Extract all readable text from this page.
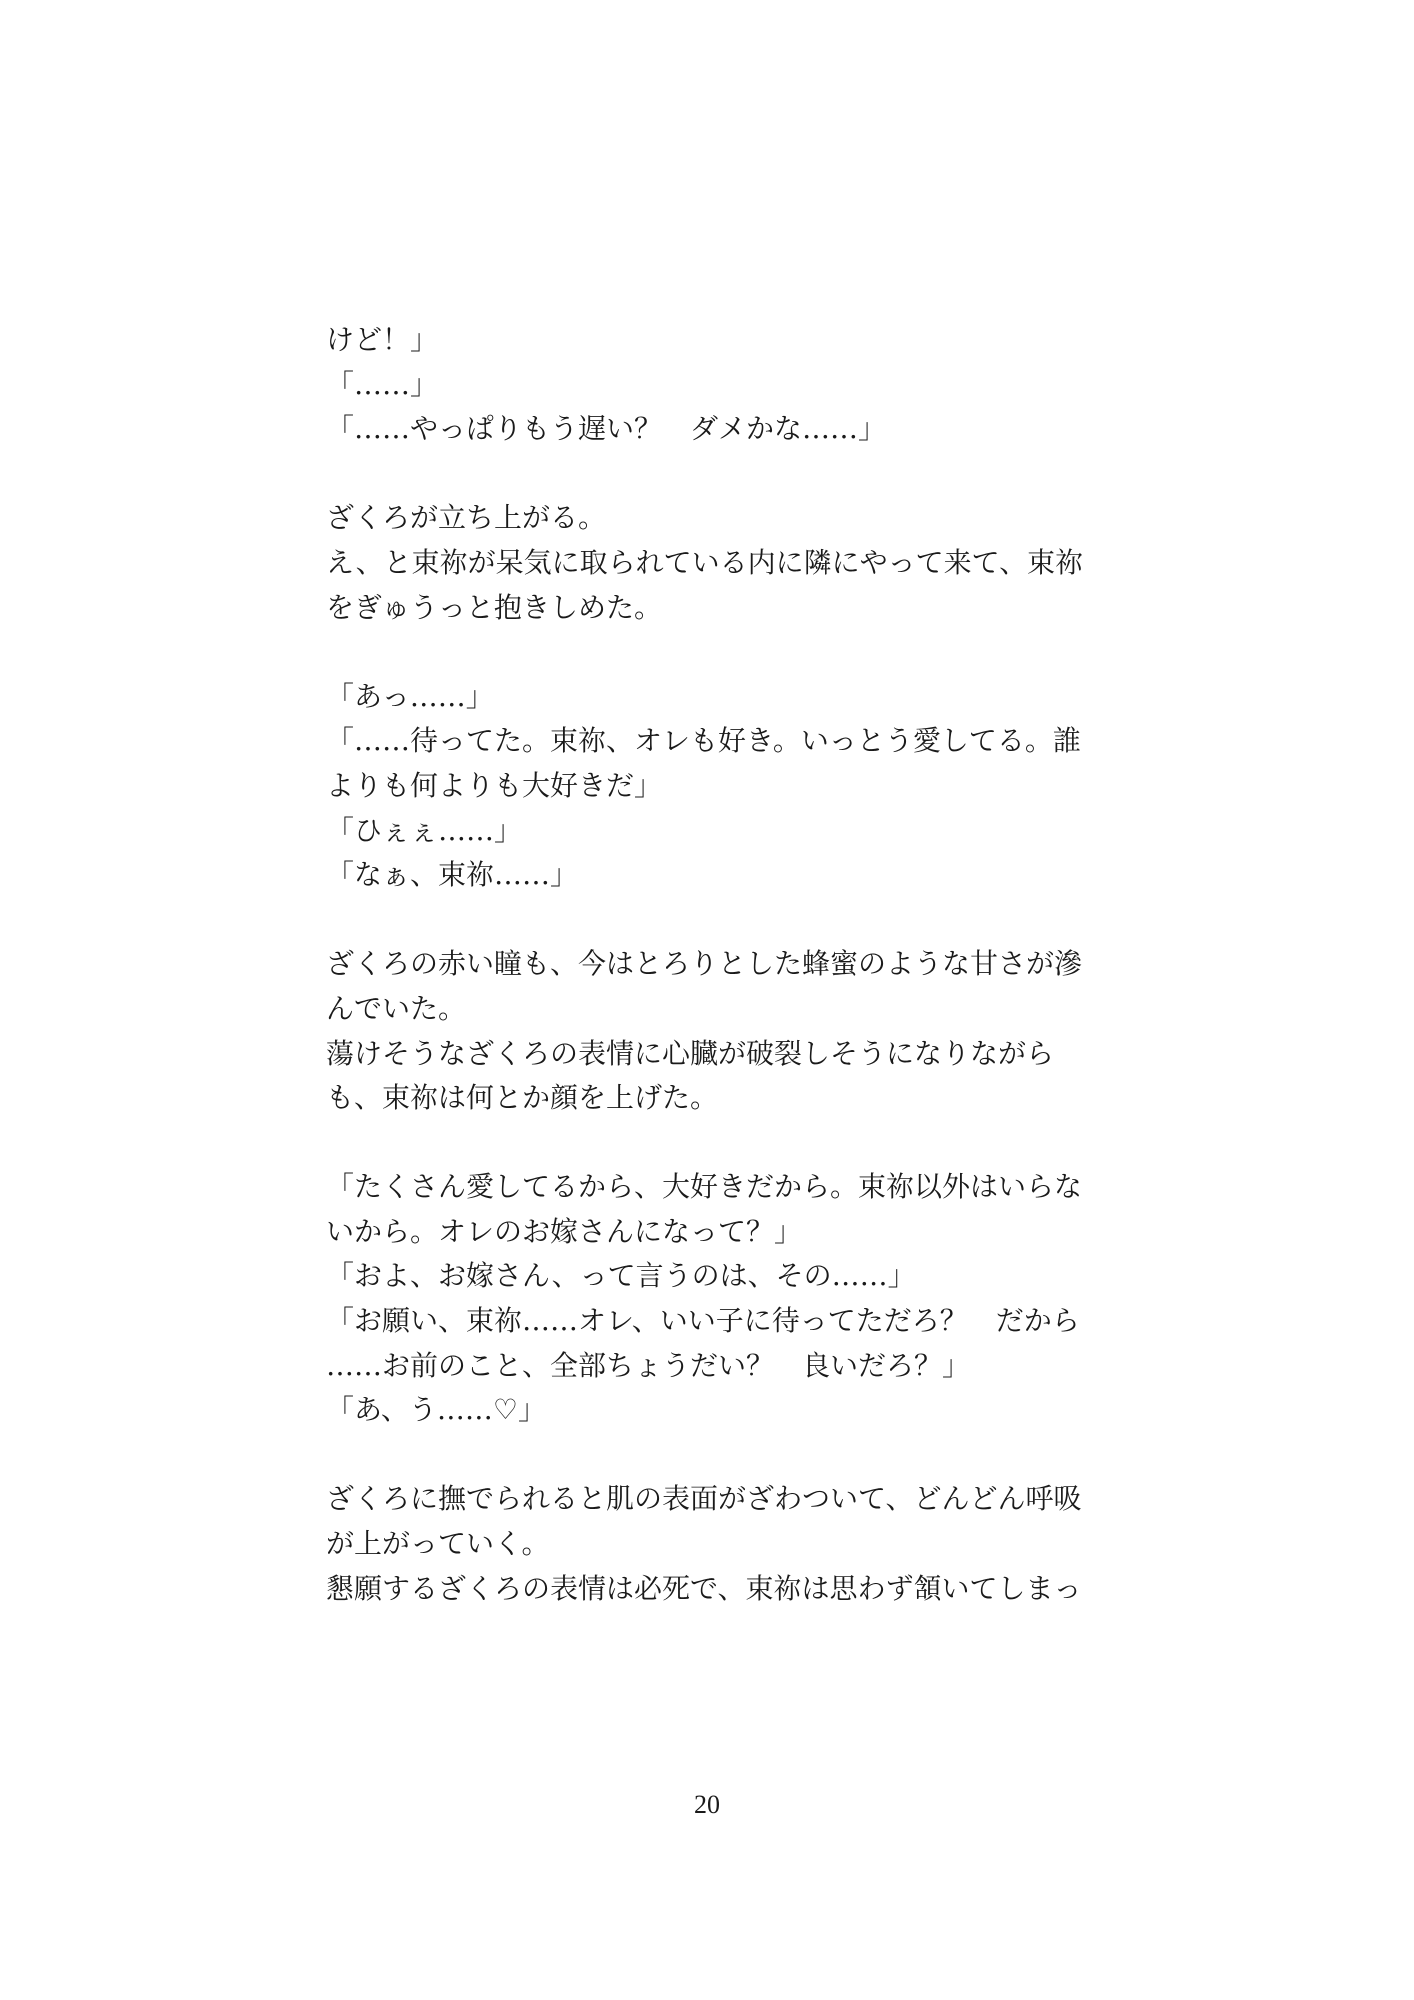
けど！」
「……」
「……やっぱりもう遅い？　ダメかな……」
ざくろが立ち上がる。
え、と束祢が呆気に取られている内に隣にやって来て、束祢
をぎゅうっと抱きしめた。
「あっ……」
「……待ってた。束祢、オレも好き。いっとう愛してる。誰
よりも何よりも大好きだ」
「ひぇぇ……」
「なぁ、束祢……」
ざくろの赤い瞳も、今はとろりとした蜂蜜のような甘さが滲
んでいた。
蕩けそうなざくろの表情に心臓が破裂しそうになりながら
も、束祢は何とか顔を上げた。
「たくさん愛してるから、大好きだから。束祢以外はいらな
いから。オレのお嫁さんになって？」
「およ、お嫁さん、って言うのは、その……」
「お願い、束祢……オレ、いい子に待ってただろ？　だから
……お前のこと、全部ちょうだい？　良いだろ？」
「あ、う……♡」
ざくろに撫でられると肌の表面がざわついて、どんどん呼吸
が上がっていく。
懇願するざくろの表情は必死で、束祢は思わず頷いてしまっ
20
